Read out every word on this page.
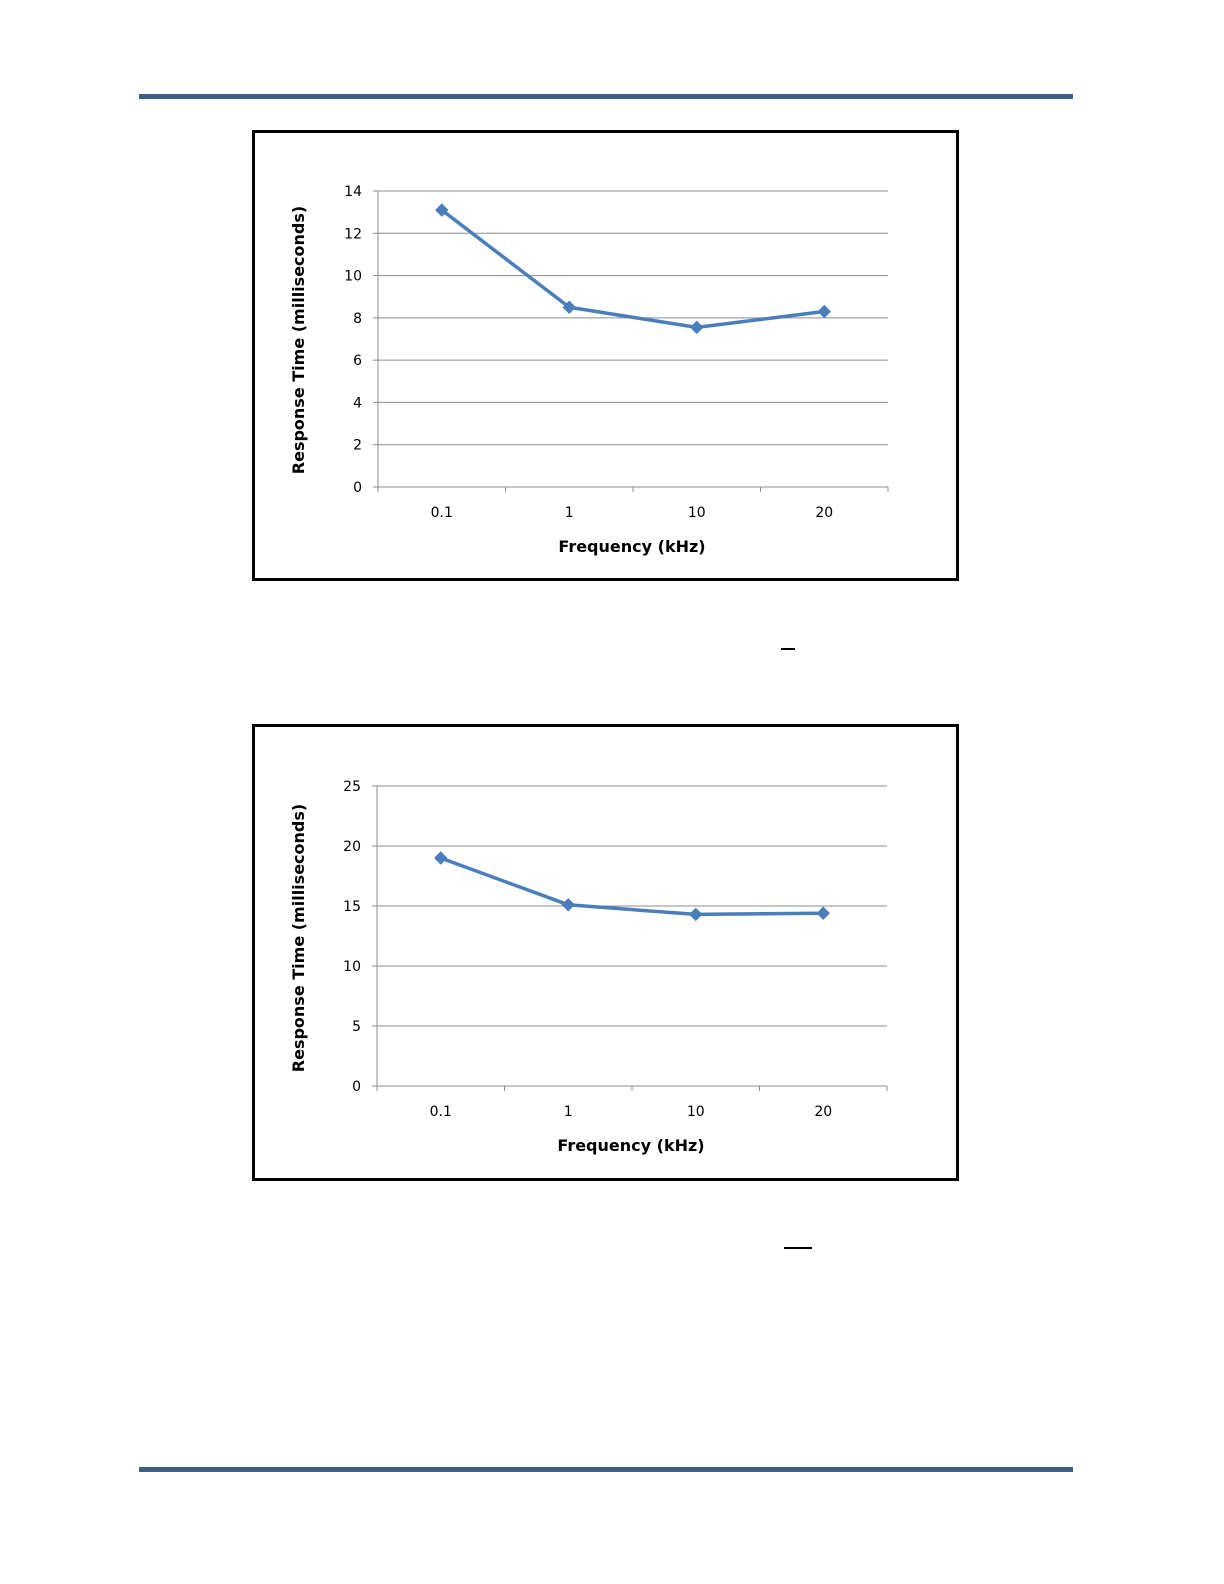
0
2
4
6
8
10
12
14
0.1	1	10	20
Frequency (kHz)
Response Time (milliseconds)
0
5
10
15
20
25
0.1	1	10	20
Frequency (kHz)
Response Time (milliseconds)
